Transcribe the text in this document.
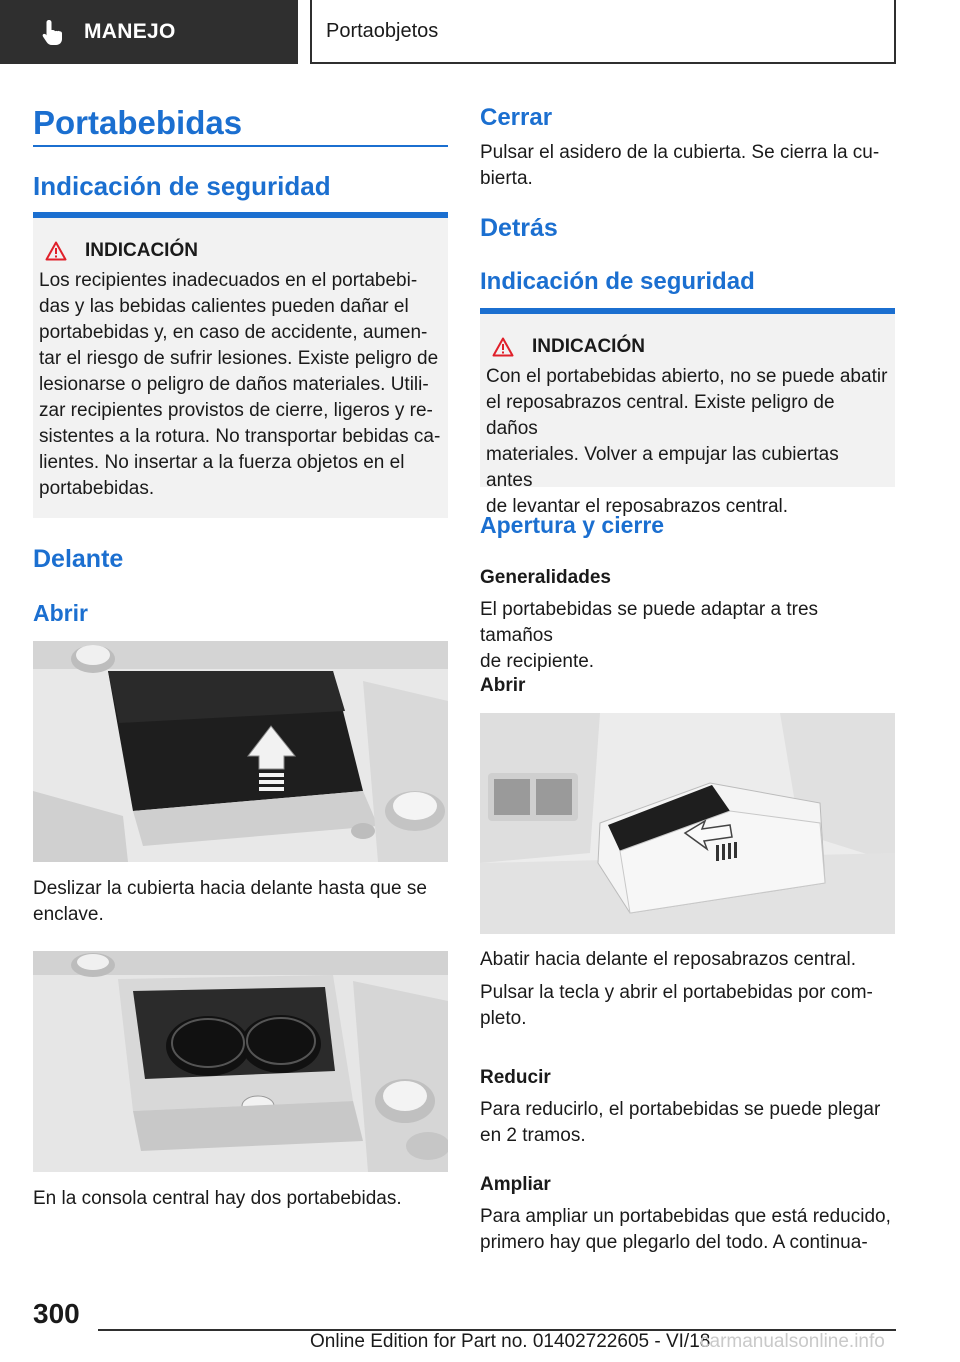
MANEJO	Portaobjetos
Portabebidas
Indicación de seguridad
INDICACIÓN
Los recipientes inadecuados en el portabebi-
das y las bebidas calientes pueden dañar el
portabebidas y, en caso de accidente, aumen-
tar el riesgo de sufrir lesiones. Existe peligro de
lesionarse o peligro de daños materiales. Utili-
zar recipientes provistos de cierre, ligeros y re-
sistentes a la rotura. No transportar bebidas ca-
lientes. No insertar a la fuerza objetos en el
portabebidas.
Delante
Abrir
Deslizar la cubierta hacia delante hasta que se
enclave.
En la consola central hay dos portabebidas.
Cerrar
Pulsar el asidero de la cubierta. Se cierra la cu-
bierta.
Detrás
Indicación de seguridad
INDICACIÓN
Con el portabebidas abierto, no se puede abatir
el reposabrazos central. Existe peligro de daños
materiales. Volver a empujar las cubiertas antes
de levantar el reposabrazos central.
Apertura y cierre
Generalidades
El portabebidas se puede adaptar a tres tamaños
de recipiente.
Abrir
Abatir hacia delante el reposabrazos central.
Pulsar la tecla y abrir el portabebidas por com-
pleto.
Reducir
Para reducirlo, el portabebidas se puede plegar
en 2 tramos.
Ampliar
Para ampliar un portabebidas que está reducido,
primero hay que plegarlo del todo. A continua-
300
Online Edition for Part no. 01402722605 - VI/18
carmanualsonline.info
